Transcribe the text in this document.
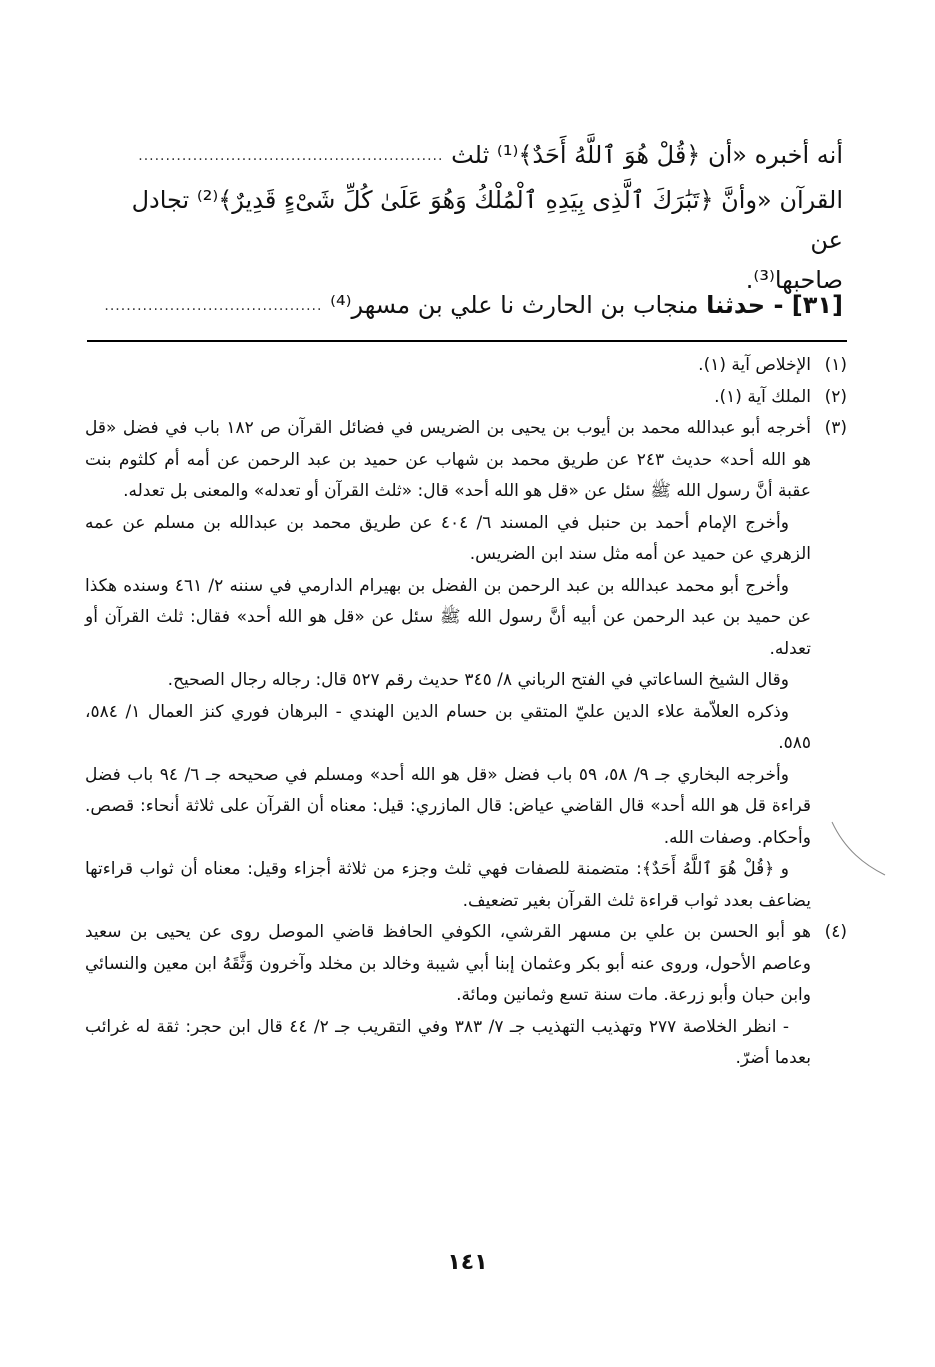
أنه أخبره «أن ﴿قُلْ هُوَ ٱللَّهُ أَحَدٌ﴾⁽¹⁾ ثلث ........................................................
القرآن «وأنَّ ﴿تَبَٰرَكَ ٱلَّذِى بِيَدِهِ ٱلْمُلْكُ وَهُوَ عَلَىٰ كُلِّ شَىْءٍ قَدِيرٌ﴾⁽²⁾ تجادل عن
صاحبها⁽³⁾.
[٣١] - حدثنا منجاب بن الحارث نا علي بن مسهر⁽⁴⁾ ........................................
(١)

الإخلاص آية (١).

(٢)

الملك آية (١).

(٣)

أخرجه أبو عبدالله محمد بن أيوب بن يحيى بن الضريس في فضائل القرآن ص ١٨٢ باب في فضل «قل هو الله أحد» حديث ٢٤٣ عن طريق محمد بن شهاب عن حميد بن عبد الرحمن عن أمه أم كلثوم بنت عقبة أنَّ رسول الله ﷺ سئل عن «قل هو الله أحد» قال: «ثلث القرآن أو تعدله» والمعنى بل تعدله.

وأخرج الإمام أحمد بن حنبل في المسند ٦/ ٤٠٤ عن طريق محمد بن عبدالله بن مسلم عن عمه الزهري عن حميد عن أمه مثل سند ابن الضريس.

وأخرج أبو محمد عبدالله بن عبد الرحمن بن الفضل بن بهيرام الدارمي في سننه ٢/ ٤٦١ وسنده هكذا عن حميد بن عبد الرحمن عن أبيه أنَّ رسول الله ﷺ سئل عن «قل هو الله أحد» فقال: ثلث القرآن أو تعدله.

وقال الشيخ الساعاتي في الفتح الرباني ٨/ ٣٤٥ حديث رقم ٥٢٧ قال: رجاله رجال الصحيح.

وذكره العلاّمة علاء الدين عليّ المتقي بن حسام الدين الهندي - البرهان فوري كنز العمال ١/ ٥٨٤، ٥٨٥.

وأخرجه البخاري جـ ٩/ ٥٨، ٥٩ باب فضل «قل هو الله أحد» ومسلم في صحيحه جـ ٦/ ٩٤ باب فضل قراءة قل هو الله أحد» قال القاضي عياض: قال المازري: قيل: معناه أن القرآن على ثلاثة أنحاء: قصص. وأحكام. وصفات الله.

و ﴿قُلْ هُوَ ٱللَّهُ أَحَدٌ﴾: متضمنة للصفات فهي ثلث وجزء من ثلاثة أجزاء وقيل: معناه أن ثواب قراءتها يضاعف بعدد ثواب قراءة ثلث القرآن بغير تضعيف.

(٤)

هو أبو الحسن بن علي بن مسهر القرشي، الكوفي الحافظ قاضي الموصل روى عن يحيى بن سعيد وعاصم الأحول، وروى عنه أبو بكر وعثمان إبنا أبي شيبة وخالد بن مخلد وآخرون وَثَّقَهُ ابن معين والنسائي وابن حبان وأبو زرعة. مات سنة تسع وثمانين ومائة.

- انظر الخلاصة ٢٧٧ وتهذيب التهذيب جـ ٧/ ٣٨٣ وفي التقريب جـ ٢/ ٤٤ قال ابن حجر: ثقة له غرائب بعدما أضرّ.

١٤١
